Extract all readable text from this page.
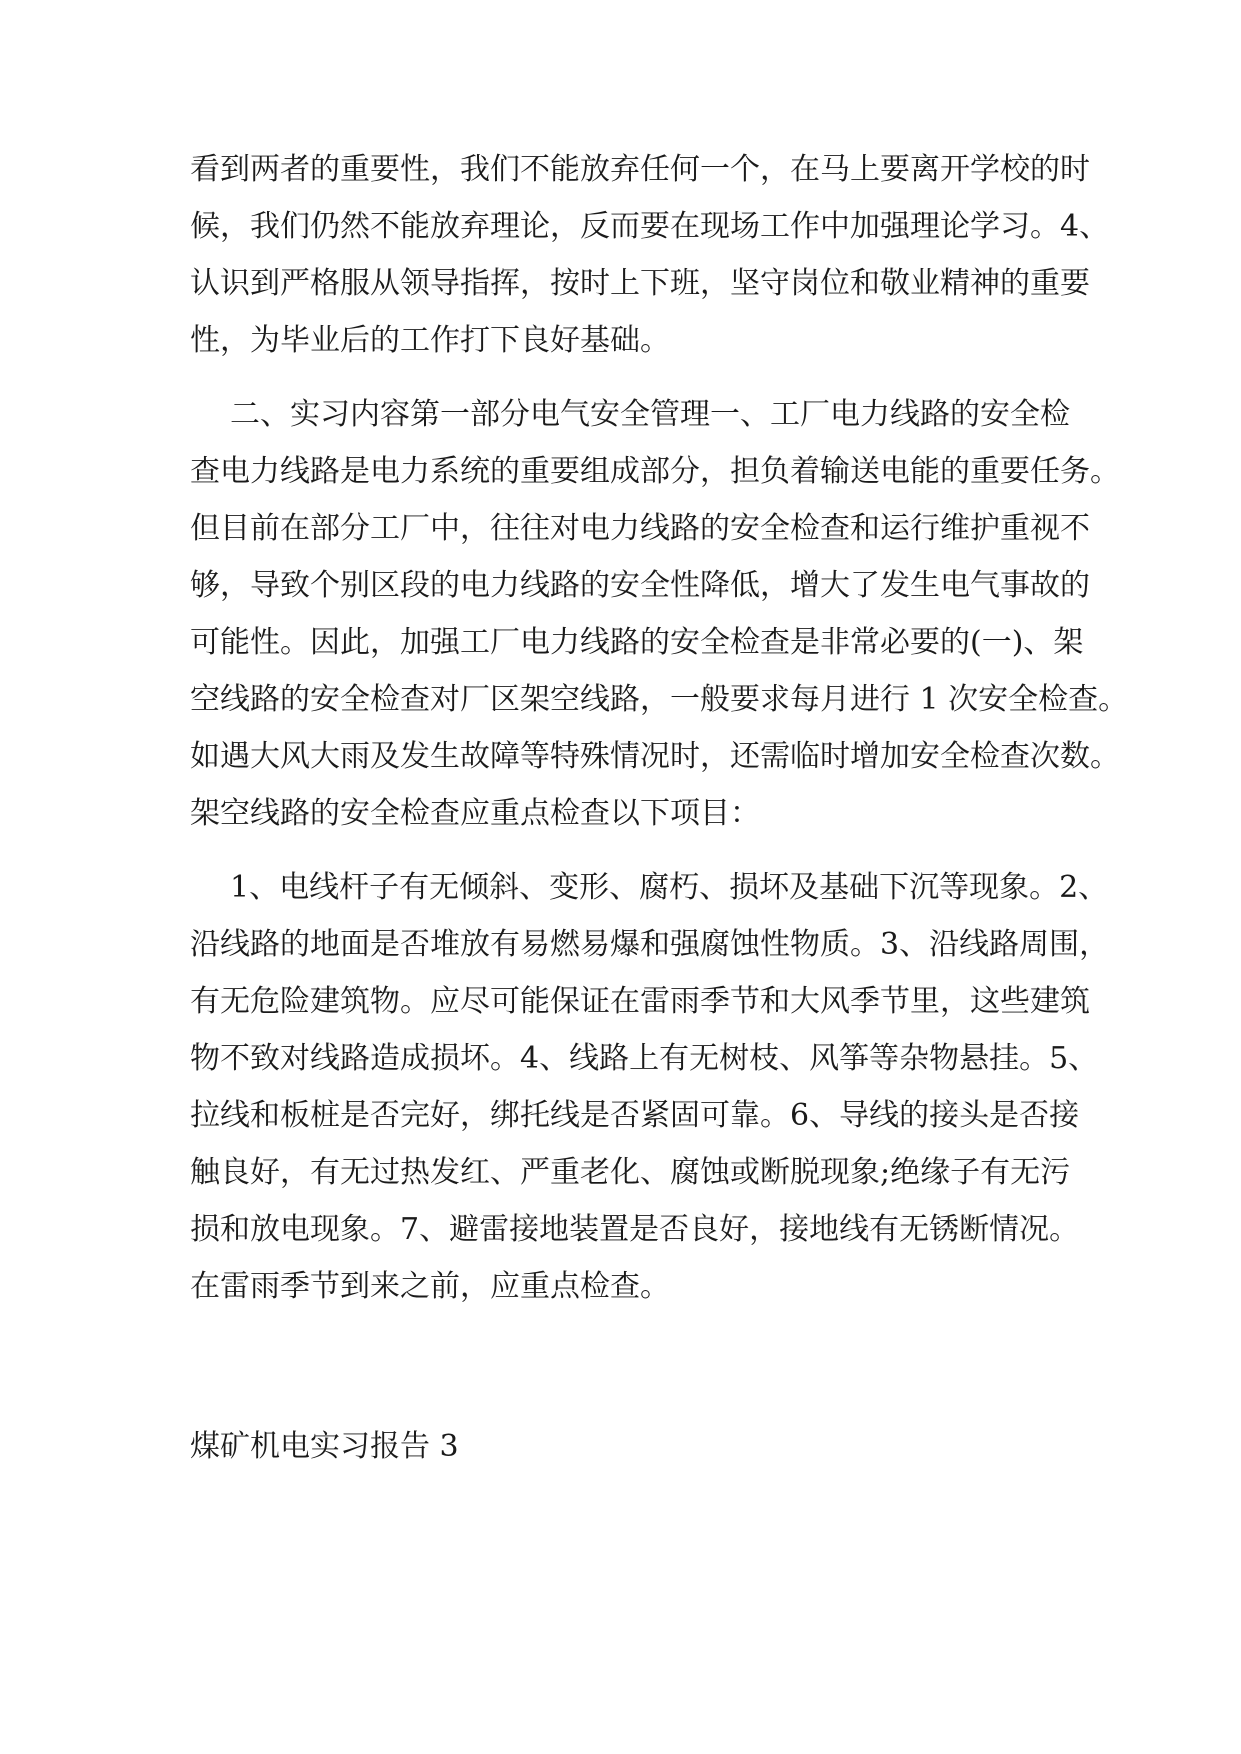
看到两者的重要性，我们不能放弃任何一个，在马上要离开学校的时
候，我们仍然不能放弃理论，反而要在现场工作中加强理论学习。4、
认识到严格服从领导指挥，按时上下班，坚守岗位和敬业精神的重要
性，为毕业后的工作打下良好基础。
二、实习内容第一部分电气安全管理一、工厂电力线路的安全检
查电力线路是电力系统的重要组成部分，担负着输送电能的重要任务。
但目前在部分工厂中，往往对电力线路的安全检查和运行维护重视不
够，导致个别区段的电力线路的安全性降低，增大了发生电气事故的
可能性。因此，加强工厂电力线路的安全检查是非常必要的(一)、架
空线路的安全检查对厂区架空线路，一般要求每月进行 1 次安全检查。
如遇大风大雨及发生故障等特殊情况时，还需临时增加安全检查次数。
架空线路的安全检查应重点检查以下项目：
1、电线杆子有无倾斜、变形、腐朽、损坏及基础下沉等现象。2、
沿线路的地面是否堆放有易燃易爆和强腐蚀性物质。3、沿线路周围，
有无危险建筑物。应尽可能保证在雷雨季节和大风季节里，这些建筑
物不致对线路造成损坏。4、线路上有无树枝、风筝等杂物悬挂。5、
拉线和板桩是否完好，绑托线是否紧固可靠。6、导线的接头是否接
触良好，有无过热发红、严重老化、腐蚀或断脱现象;绝缘子有无污
损和放电现象。7、避雷接地装置是否良好，接地线有无锈断情况。
在雷雨季节到来之前，应重点检查。
煤矿机电实习报告 3
